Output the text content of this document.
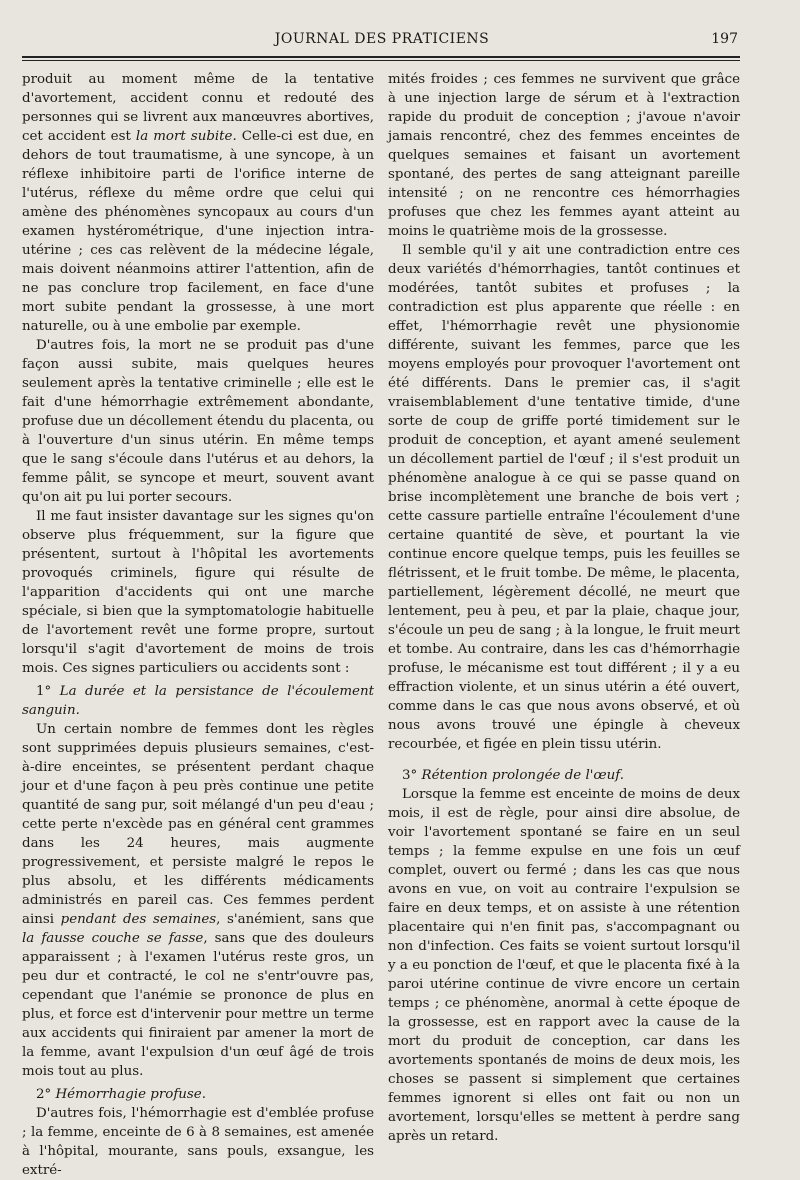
JOURNAL DES PRATICIENS	197

produit au moment même de la tentative d'avortement, accident connu et redouté des personnes qui se livrent aux manœuvres abortives, cet accident est la mort subite. Celle-ci est due, en dehors de tout traumatisme, à une syncope, à un réflexe inhibitoire parti de l'orifice interne de l'utérus, réflexe du même ordre que celui qui amène des phénomènes syncopaux au cours d'un examen hystérométrique, d'une injection intra-utérine ; ces cas relèvent de la médecine légale, mais doivent néanmoins attirer l'attention, afin de ne pas conclure trop facilement, en face d'une mort subite pendant la grossesse, à une mort naturelle, ou à une embolie par exemple.

D'autres fois, la mort ne se produit pas d'une façon aussi subite, mais quelques heures seulement après la tentative criminelle ; elle est le fait d'une hémorrhagie extrêmement abondante, profuse due un décollement étendu du placenta, ou à l'ouverture d'un sinus utérin. En même temps que le sang s'écoule dans l'utérus et au dehors, la femme pâlit, se syncope et meurt, souvent avant qu'on ait pu lui porter secours.

Il me faut insister davantage sur les signes qu'on observe plus fréquemment, sur la figure que présentent, surtout à l'hôpital les avortements provoqués criminels, figure qui résulte de l'apparition d'accidents qui ont une marche spéciale, si bien que la symptomatologie habituelle de l'avortement revêt une forme propre, surtout lorsqu'il s'agit d'avortement de moins de trois mois. Ces signes particuliers ou accidents sont :

1° La durée et la persistance de l'écoulement sanguin.

Un certain nombre de femmes dont les règles sont supprimées depuis plusieurs semaines, c'est-à-dire enceintes, se présentent perdant chaque jour et d'une façon à peu près continue une petite quantité de sang pur, soit mélangé d'un peu d'eau ; cette perte n'excède pas en général cent grammes dans les 24 heures, mais augmente progressivement, et persiste malgré le repos le plus absolu, et les différents médicaments administrés en pareil cas. Ces femmes perdent ainsi pendant des semaines, s'anémient, sans que la fausse couche se fasse, sans que des douleurs apparaissent ; à l'examen l'utérus reste gros, un peu dur et contracté, le col ne s'entr'ouvre pas, cependant que l'anémie se prononce de plus en plus, et force est d'intervenir pour mettre un terme aux accidents qui finiraient par amener la mort de la femme, avant l'expulsion d'un œuf âgé de trois mois tout au plus.

2° Hémorrhagie profuse.

D'autres fois, l'hémorrhagie est d'emblée profuse ; la femme, enceinte de 6 à 8 semaines, est amenée à l'hôpital, mourante, sans pouls, exsangue, les extré-

mités froides ; ces femmes ne survivent que grâce à une injection large de sérum et à l'extraction rapide du produit de conception ; j'avoue n'avoir jamais rencontré, chez des femmes enceintes de quelques semaines et faisant un avortement spontané, des pertes de sang atteignant pareille intensité ; on ne rencontre ces hémorrhagies profuses que chez les femmes ayant atteint au moins le quatrième mois de la grossesse.

Il semble qu'il y ait une contradiction entre ces deux variétés d'hémorrhagies, tantôt continues et modérées, tantôt subites et profuses ; la contradiction est plus apparente que réelle : en effet, l'hémorrhagie revêt une physionomie différente, suivant les femmes, parce que les moyens employés pour provoquer l'avortement ont été différents. Dans le premier cas, il s'agit vraisemblablement d'une tentative timide, d'une sorte de coup de griffe porté timidement sur le produit de conception, et ayant amené seulement un décollement partiel de l'œuf ; il s'est produit un phénomène analogue à ce qui se passe quand on brise incomplètement une branche de bois vert ; cette cassure partielle entraîne l'écoulement d'une certaine quantité de sève, et pourtant la vie continue encore quelque temps, puis les feuilles se flétrissent, et le fruit tombe. De même, le placenta, partiellement, légèrement décollé, ne meurt que lentement, peu à peu, et par la plaie, chaque jour, s'écoule un peu de sang ; à la longue, le fruit meurt et tombe. Au contraire, dans les cas d'hémorrhagie profuse, le mécanisme est tout différent ; il y a eu effraction violente, et un sinus utérin a été ouvert, comme dans le cas que nous avons observé, et où nous avons trouvé une épingle à cheveux recourbée, et figée en plein tissu utérin.

3° Rétention prolongée de l'œuf.

Lorsque la femme est enceinte de moins de deux mois, il est de règle, pour ainsi dire absolue, de voir l'avortement spontané se faire en un seul temps ; la femme expulse en une fois un œuf complet, ouvert ou fermé ; dans les cas que nous avons en vue, on voit au contraire l'expulsion se faire en deux temps, et on assiste à une rétention placentaire qui n'en finit pas, s'accompagnant ou non d'infection. Ces faits se voient surtout lorsqu'il y a eu ponction de l'œuf, et que le placenta fixé à la paroi utérine continue de vivre encore un certain temps ; ce phénomène, anormal à cette époque de la grossesse, est en rapport avec la cause de la mort du produit de conception, car dans les avortements spontanés de moins de deux mois, les choses se passent si simplement que certaines femmes ignorent si elles ont fait ou non un avortement, lorsqu'elles se mettent à perdre sang après un retard.
